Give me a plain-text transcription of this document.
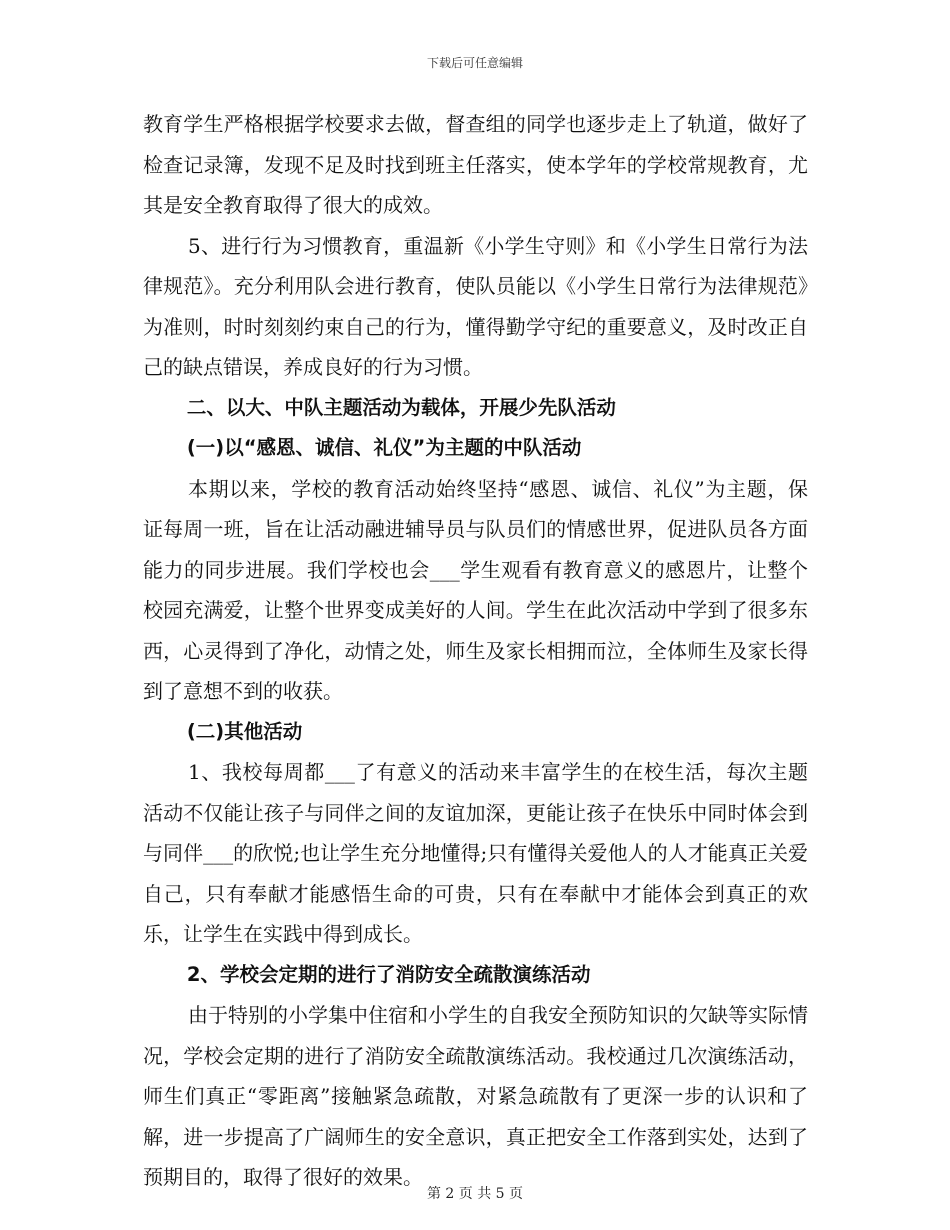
下载后可任意编辑

教育学生严格根据学校要求去做，督查组的同学也逐步走上了轨道，做好了检查记录簿，发现不足及时找到班主任落实，使本学年的学校常规教育，尤其是安全教育取得了很大的成效。

5、进行行为习惯教育，重温新《小学生守则》和《小学生日常行为法律规范》。充分利用队会进行教育，使队员能以《小学生日常行为法律规范》为准则，时时刻刻约束自己的行为，懂得勤学守纪的重要意义，及时改正自己的缺点错误，养成良好的行为习惯。

二、以大、中队主题活动为载体，开展少先队活动

(一)以“感恩、诚信、礼仪”为主题的中队活动

本期以来，学校的教育活动始终坚持“感恩、诚信、礼仪”为主题，保证每周一班，旨在让活动融进辅导员与队员们的情感世界，促进队员各方面能力的同步进展。我们学校也会___学生观看有教育意义的感恩片，让整个校园充满爱，让整个世界变成美好的人间。学生在此次活动中学到了很多东西，心灵得到了净化，动情之处，师生及家长相拥而泣，全体师生及家长得到了意想不到的收获。

(二)其他活动

1、我校每周都___了有意义的活动来丰富学生的在校生活，每次主题活动不仅能让孩子与同伴之间的友谊加深，更能让孩子在快乐中同时体会到与同伴___的欣悦;也让学生充分地懂得;只有懂得关爱他人的人才能真正关爱自己，只有奉献才能感悟生命的可贵，只有在奉献中才能体会到真正的欢乐，让学生在实践中得到成长。

2、学校会定期的进行了消防安全疏散演练活动

由于特别的小学集中住宿和小学生的自我安全预防知识的欠缺等实际情况，学校会定期的进行了消防安全疏散演练活动。我校通过几次演练活动，师生们真正“零距离”接触紧急疏散，对紧急疏散有了更深一步的认识和了解，进一步提高了广阔师生的安全意识，真正把安全工作落到实处，达到了预期目的，取得了很好的效果。

第 2 页 共 5 页
